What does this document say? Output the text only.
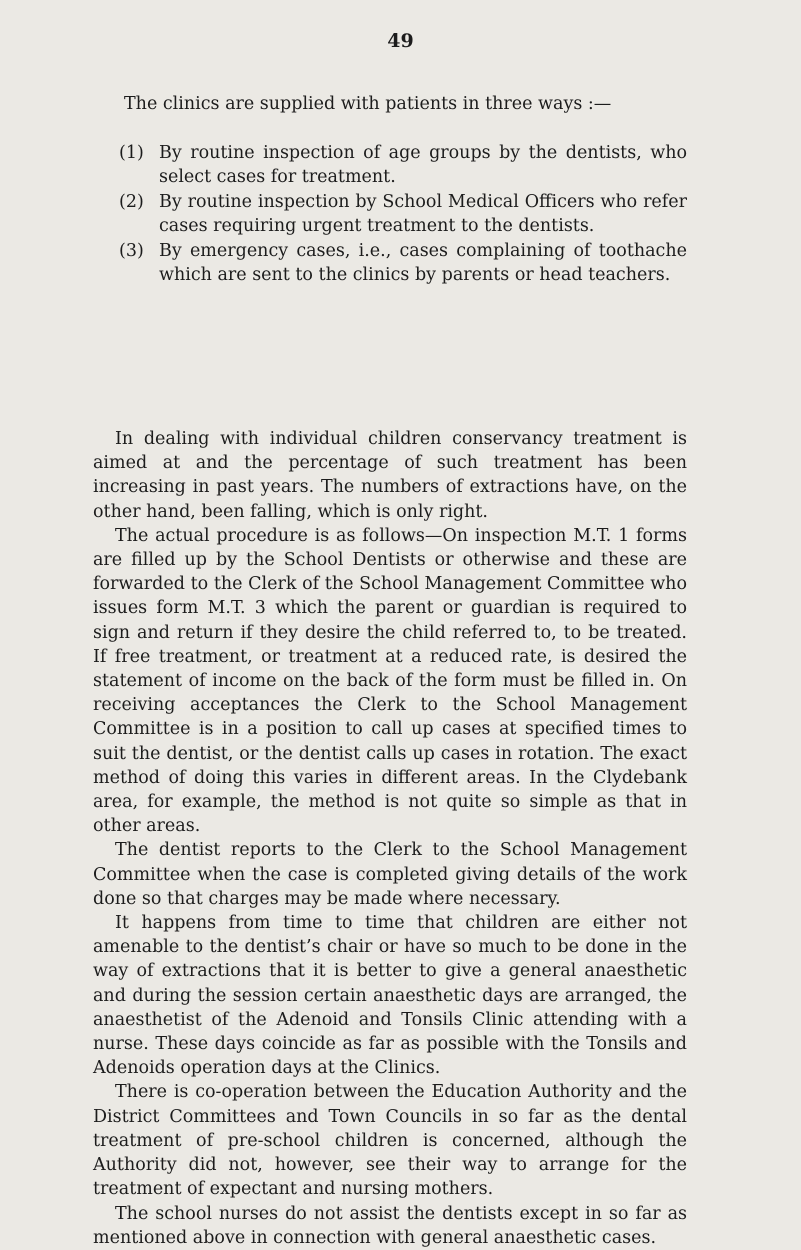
49
The clinics are supplied with patients in three ways :—
(1) By routine inspection of age groups by the dentists, who select cases for treatment.
(2) By routine inspection by School Medical Officers who refer cases requiring urgent treatment to the dentists.
(3) By emergency cases, i.e., cases complaining of toothache which are sent to the clinics by parents or head teachers.

In dealing with individual children conservancy treatment is aimed at and the percentage of such treatment has been increasing in past years. The numbers of extractions have, on the other hand, been falling, which is only right.

The actual procedure is as follows—On inspection M.T. 1 forms are filled up by the School Dentists or otherwise and these are forwarded to the Clerk of the School Management Committee who issues form M.T. 3 which the parent or guardian is required to sign and return if they desire the child referred to, to be treated. If free treatment, or treatment at a reduced rate, is desired the statement of income on the back of the form must be filled in. On receiving acceptances the Clerk to the School Management Committee is in a position to call up cases at specified times to suit the dentist, or the dentist calls up cases in rotation. The exact method of doing this varies in different areas. In the Clydebank area, for example, the method is not quite so simple as that in other areas.

The dentist reports to the Clerk to the School Management Committee when the case is completed giving details of the work done so that charges may be made where necessary.

It happens from time to time that children are either not amenable to the dentist’s chair or have so much to be done in the way of extractions that it is better to give a general anaesthetic and during the session certain anaesthetic days are arranged, the anaesthetist of the Adenoid and Tonsils Clinic attending with a nurse. These days coincide as far as possible with the Tonsils and Adenoids operation days at the Clinics.

There is co-operation between the Education Authority and the District Committees and Town Councils in so far as the dental treatment of pre-school children is concerned, although the Authority did not, however, see their way to arrange for the treatment of expectant and nursing mothers.

The school nurses do not assist the dentists except in so far as mentioned above in connection with general anaesthetic cases.
